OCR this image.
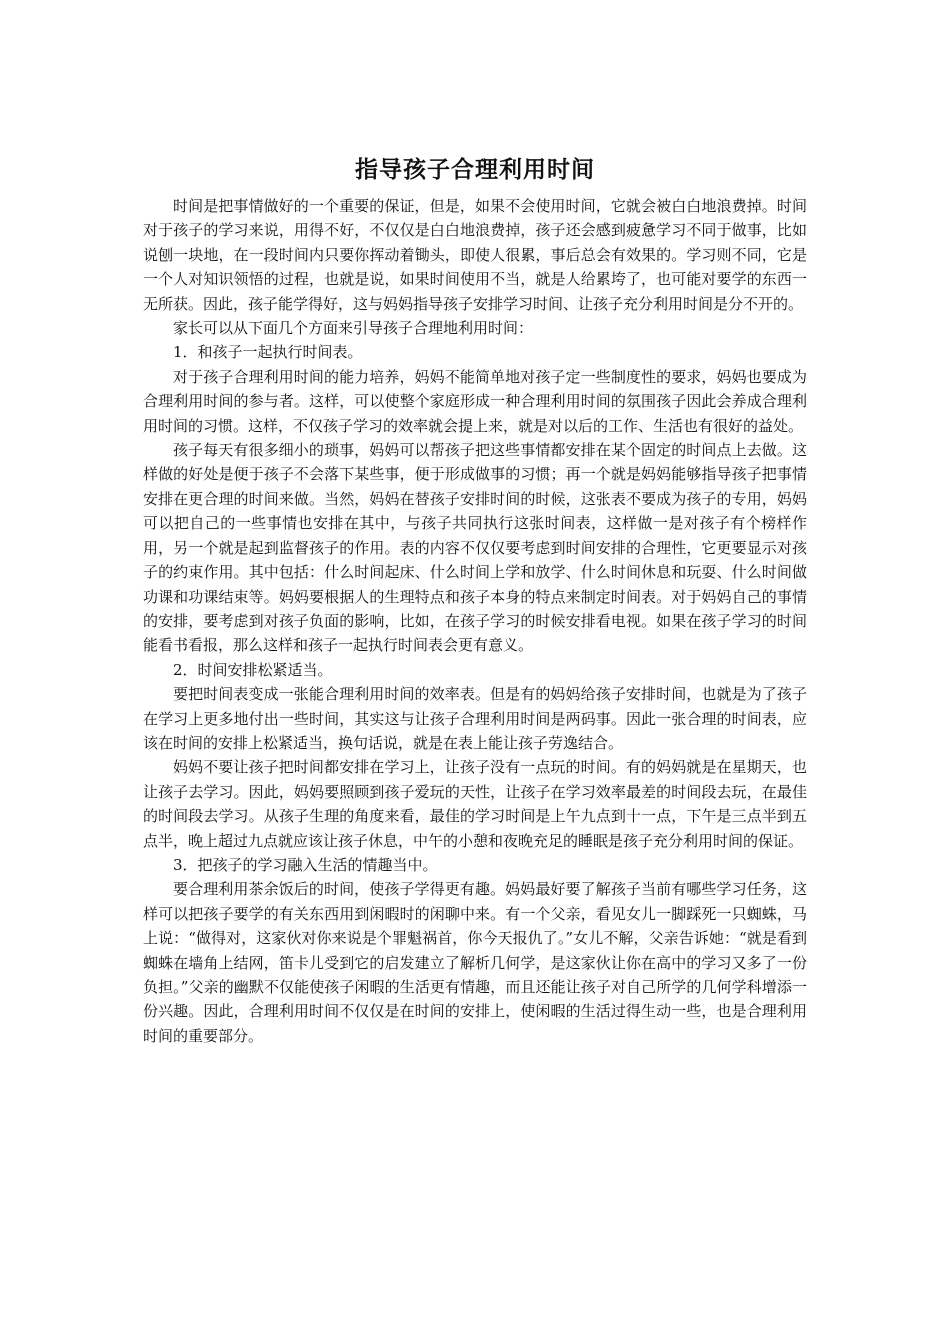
指导孩子合理利用时间

时间是把事情做好的一个重要的保证，但是，如果不会使用时间，它就会被白白地浪费掉。时间对于孩子的学习来说，用得不好，不仅仅是白白地浪费掉，孩子还会感到疲惫学习不同于做事，比如说刨一块地，在一段时间内只要你挥动着锄头，即使人很累，事后总会有效果的。学习则不同，它是一个人对知识领悟的过程，也就是说，如果时间使用不当，就是人给累垮了，也可能对要学的东西一无所获。因此，孩子能学得好，这与妈妈指导孩子安排学习时间、让孩子充分利用时间是分不开的。

家长可以从下面几个方面来引导孩子合理地利用时间：

1．和孩子一起执行时间表。

对于孩子合理利用时间的能力培养，妈妈不能简单地对孩子定一些制度性的要求，妈妈也要成为合理利用时间的参与者。这样，可以使整个家庭形成一种合理利用时间的氛围孩子因此会养成合理利用时间的习惯。这样，不仅孩子学习的效率就会提上来，就是对以后的工作、生活也有很好的益处。

孩子每天有很多细小的琐事，妈妈可以帮孩子把这些事情都安排在某个固定的时间点上去做。这样做的好处是便于孩子不会落下某些事，便于形成做事的习惯；再一个就是妈妈能够指导孩子把事情安排在更合理的时间来做。当然，妈妈在替孩子安排时间的时候，这张表不要成为孩子的专用，妈妈可以把自己的一些事情也安排在其中，与孩子共同执行这张时间表，这样做一是对孩子有个榜样作用，另一个就是起到监督孩子的作用。表的内容不仅仅要考虑到时间安排的合理性，它更要显示对孩子的约束作用。其中包括：什么时间起床、什么时间上学和放学、什么时间休息和玩耍、什么时间做功课和功课结束等。妈妈要根据人的生理特点和孩子本身的特点来制定时间表。对于妈妈自己的事情的安排，要考虑到对孩子负面的影响，比如，在孩子学习的时候安排看电视。如果在孩子学习的时间能看书看报，那么这样和孩子一起执行时间表会更有意义。

2．时间安排松紧适当。

要把时间表变成一张能合理利用时间的效率表。但是有的妈妈给孩子安排时间，也就是为了孩子在学习上更多地付出一些时间，其实这与让孩子合理利用时间是两码事。因此一张合理的时间表，应该在时间的安排上松紧适当，换句话说，就是在表上能让孩子劳逸结合。

妈妈不要让孩子把时间都安排在学习上，让孩子没有一点玩的时间。有的妈妈就是在星期天，也让孩子去学习。因此，妈妈要照顾到孩子爱玩的天性，让孩子在学习效率最差的时间段去玩，在最佳的时间段去学习。从孩子生理的角度来看，最佳的学习时间是上午九点到十一点，下午是三点半到五点半，晚上超过九点就应该让孩子休息，中午的小憩和夜晚充足的睡眠是孩子充分利用时间的保证。

3．把孩子的学习融入生活的情趣当中。

要合理利用茶余饭后的时间，使孩子学得更有趣。妈妈最好要了解孩子当前有哪些学习任务，这样可以把孩子要学的有关东西用到闲暇时的闲聊中来。有一个父亲，看见女儿一脚踩死一只蜘蛛，马上说：“做得对，这家伙对你来说是个罪魁祸首，你今天报仇了。”女儿不解，父亲告诉她：“就是看到蜘蛛在墙角上结网，笛卡儿受到它的启发建立了解析几何学，是这家伙让你在高中的学习又多了一份负担。”父亲的幽默不仅能使孩子闲暇的生活更有情趣，而且还能让孩子对自己所学的几何学科增添一份兴趣。因此，合理利用时间不仅仅是在时间的安排上，使闲暇的生活过得生动一些，也是合理利用时间的重要部分。
